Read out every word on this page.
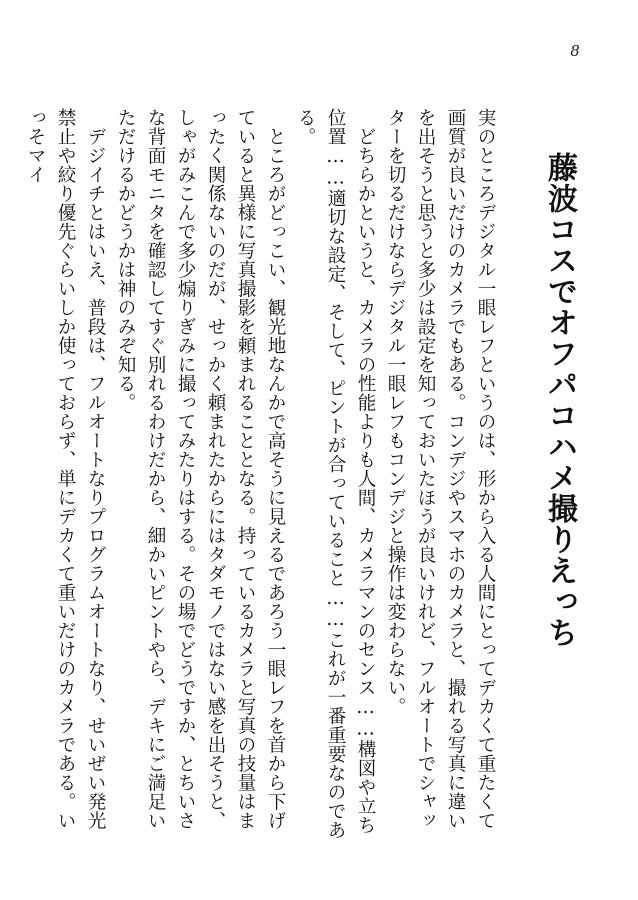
8
藤波コスでオフパコハメ撮りえっち

実のところデジタル一眼レフというのは、形から入る人間にとってデカくて重たくて画質が良いだけのカメラでもある。コンデジやスマホのカメラと、撮れる写真に違いを出そうと思うと多少は設定を知っておいたほうが良いけれど、フルオートでシャッターを切るだけならデジタル一眼レフもコンデジと操作は変わらない。

どちらかというと、カメラの性能よりも人間、カメラマンのセンス……構図や立ち位置……適切な設定、そして、ピントが合っていること……これが一番重要なのである。

ところがどっこい、観光地なんかで高そうに見えるであろう一眼レフを首から下げていると異様に写真撮影を頼まれることとなる。持っているカメラと写真の技量はまったく関係ないのだが、せっかく頼まれたからにはタダモノではない感を出そうと、しゃがみこんで多少煽りぎみに撮ってみたりはする。その場でどうですか、とちいさな背面モニタを確認してすぐ別れるわけだから、細かいピントやら、デキにご満足いただけるかどうかは神のみぞ知る。

デジイチとはいえ、普段は、フルオートなりプログラムオートなり、せいぜい発光禁止や絞り優先ぐらいしか使っておらず、単にデカくて重いだけのカメラである。いっそマイ
